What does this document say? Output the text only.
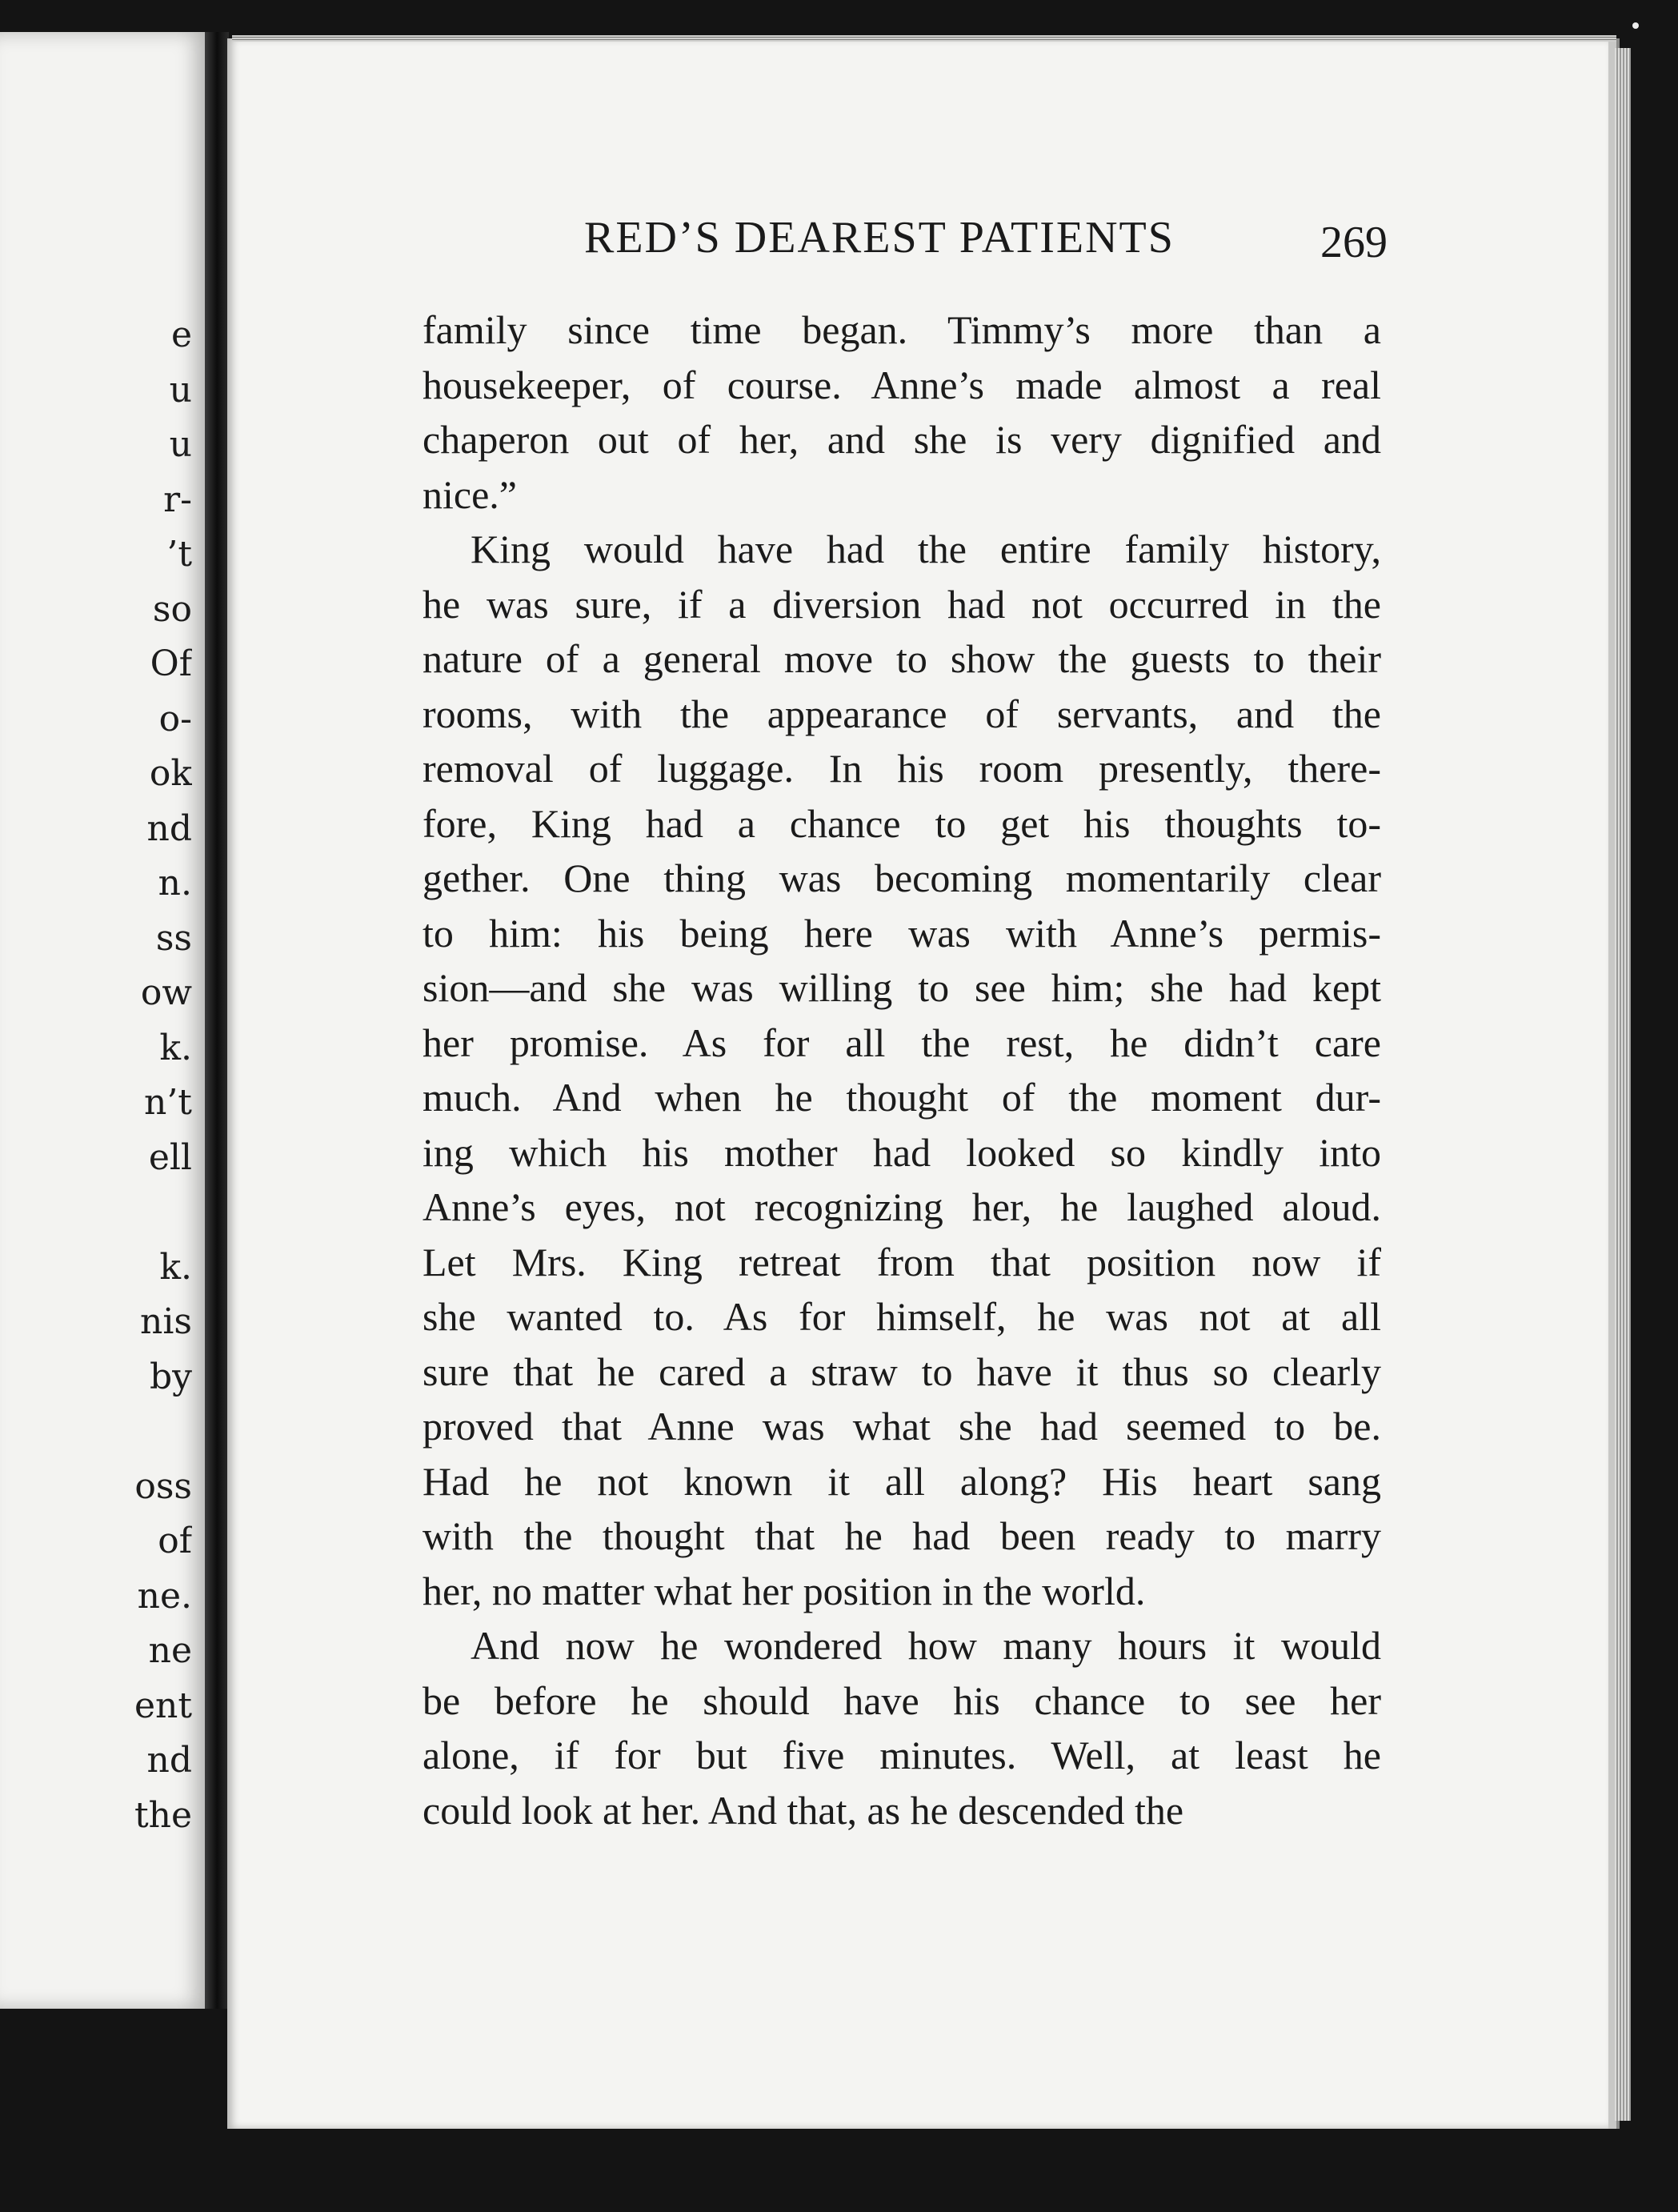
e
u
u
r-
’t
so
Of
o-
ok
nd
n.
ss
ow
k.
n’t
ell
k.
nis
by
oss
of
ne.
ne
ent
nd
the
RED’S DEAREST PATIENTS	269
family since time began. Timmy’s more than a
housekeeper, of course. Anne’s made almost a real
chaperon out of her, and she is very dignified and
nice.”
King would have had the entire family history,
he was sure, if a diversion had not occurred in the
nature of a general move to show the guests to their
rooms, with the appearance of servants, and the
removal of luggage. In his room presently, there-
fore, King had a chance to get his thoughts to-
gether. One thing was becoming momentarily clear
to him: his being here was with Anne’s permis-
sion––and she was willing to see him; she had kept
her promise. As for all the rest, he didn’t care
much. And when he thought of the moment dur-
ing which his mother had looked so kindly into
Anne’s eyes, not recognizing her, he laughed aloud.
Let Mrs. King retreat from that position now if
she wanted to. As for himself, he was not at all
sure that he cared a straw to have it thus so clearly
proved that Anne was what she had seemed to be.
Had he not known it all along? His heart sang
with the thought that he had been ready to marry
her, no matter what her position in the world.
And now he wondered how many hours it would
be before he should have his chance to see her
alone, if for but five minutes. Well, at least he
could look at her. And that, as he descended the
